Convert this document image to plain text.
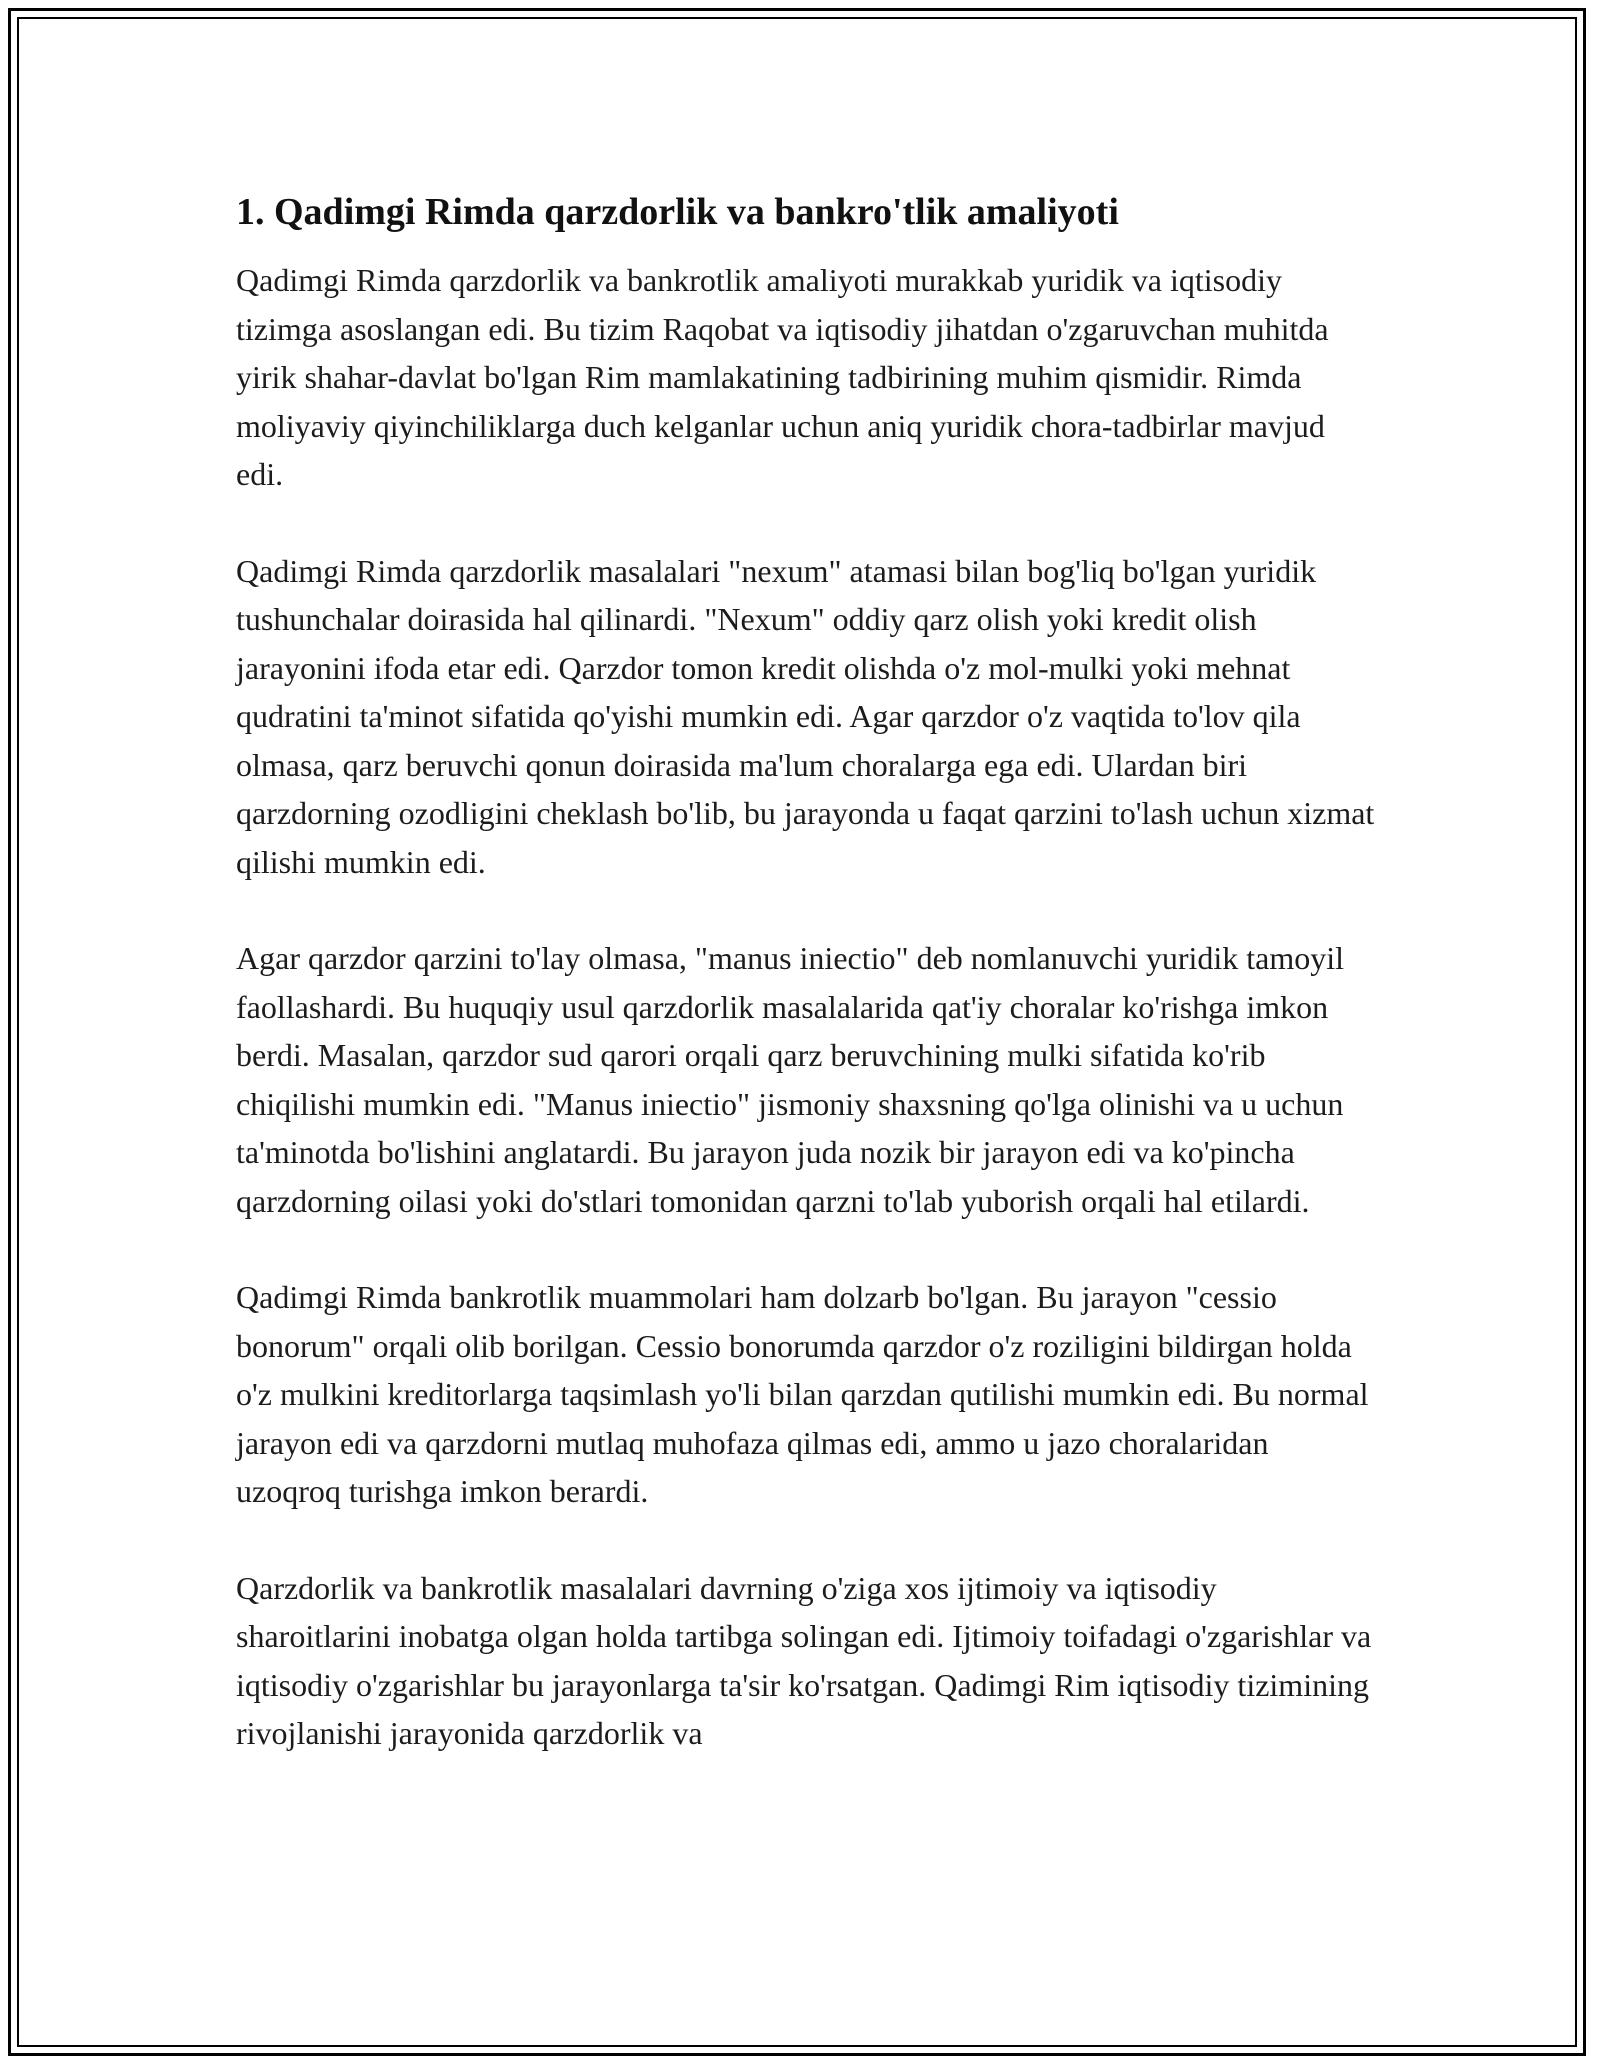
1. Qadimgi Rimda qarzdorlik va bankro'tlik amaliyoti

Qadimgi Rimda qarzdorlik va bankrotlik amaliyoti murakkab yuridik va iqtisodiy tizimga asoslangan edi. Bu tizim Raqobat va iqtisodiy jihatdan o'zgaruvchan muhitda yirik shahar-davlat bo'lgan Rim mamlakatining tadbirining muhim qismidir. Rimda moliyaviy qiyinchiliklarga duch kelganlar uchun aniq yuridik chora-tadbirlar mavjud edi.

Qadimgi Rimda qarzdorlik masalalari "nexum" atamasi bilan bog'liq bo'lgan yuridik tushunchalar doirasida hal qilinardi. "Nexum" oddiy qarz olish yoki kredit olish jarayonini ifoda etar edi. Qarzdor tomon kredit olishda o'z mol-mulki yoki mehnat qudratini ta'minot sifatida qo'yishi mumkin edi. Agar qarzdor o'z vaqtida to'lov qila olmasa, qarz beruvchi qonun doirasida ma'lum choralarga ega edi. Ulardan biri qarzdorning ozodligini cheklash bo'lib, bu jarayonda u faqat qarzini to'lash uchun xizmat qilishi mumkin edi.

Agar qarzdor qarzini to'lay olmasa, "manus iniectio" deb nomlanuvchi yuridik tamoyil faollashardi. Bu huquqiy usul qarzdorlik masalalarida qat'iy choralar ko'rishga imkon berdi. Masalan, qarzdor sud qarori orqali qarz beruvchining mulki sifatida ko'rib chiqilishi mumkin edi. "Manus iniectio" jismoniy shaxsning qo'lga olinishi va u uchun ta'minotda bo'lishini anglatardi. Bu jarayon juda nozik bir jarayon edi va ko'pincha qarzdorning oilasi yoki do'stlari tomonidan qarzni to'lab yuborish orqali hal etilardi.

Qadimgi Rimda bankrotlik muammolari ham dolzarb bo'lgan. Bu jarayon "cessio bonorum" orqali olib borilgan. Cessio bonorumda qarzdor o'z roziligini bildirgan holda o'z mulkini kreditorlarga taqsimlash yo'li bilan qarzdan qutilishi mumkin edi. Bu normal jarayon edi va qarzdorni mutlaq muhofaza qilmas edi, ammo u jazo choralaridan uzoqroq turishga imkon berardi.

Qarzdorlik va bankrotlik masalalari davrning o'ziga xos ijtimoiy va iqtisodiy sharoitlarini inobatga olgan holda tartibga solingan edi. Ijtimoiy toifadagi o'zgarishlar va iqtisodiy o'zgarishlar bu jarayonlarga ta'sir ko'rsatgan. Qadimgi Rim iqtisodiy tizimining rivojlanishi jarayonida qarzdorlik va
